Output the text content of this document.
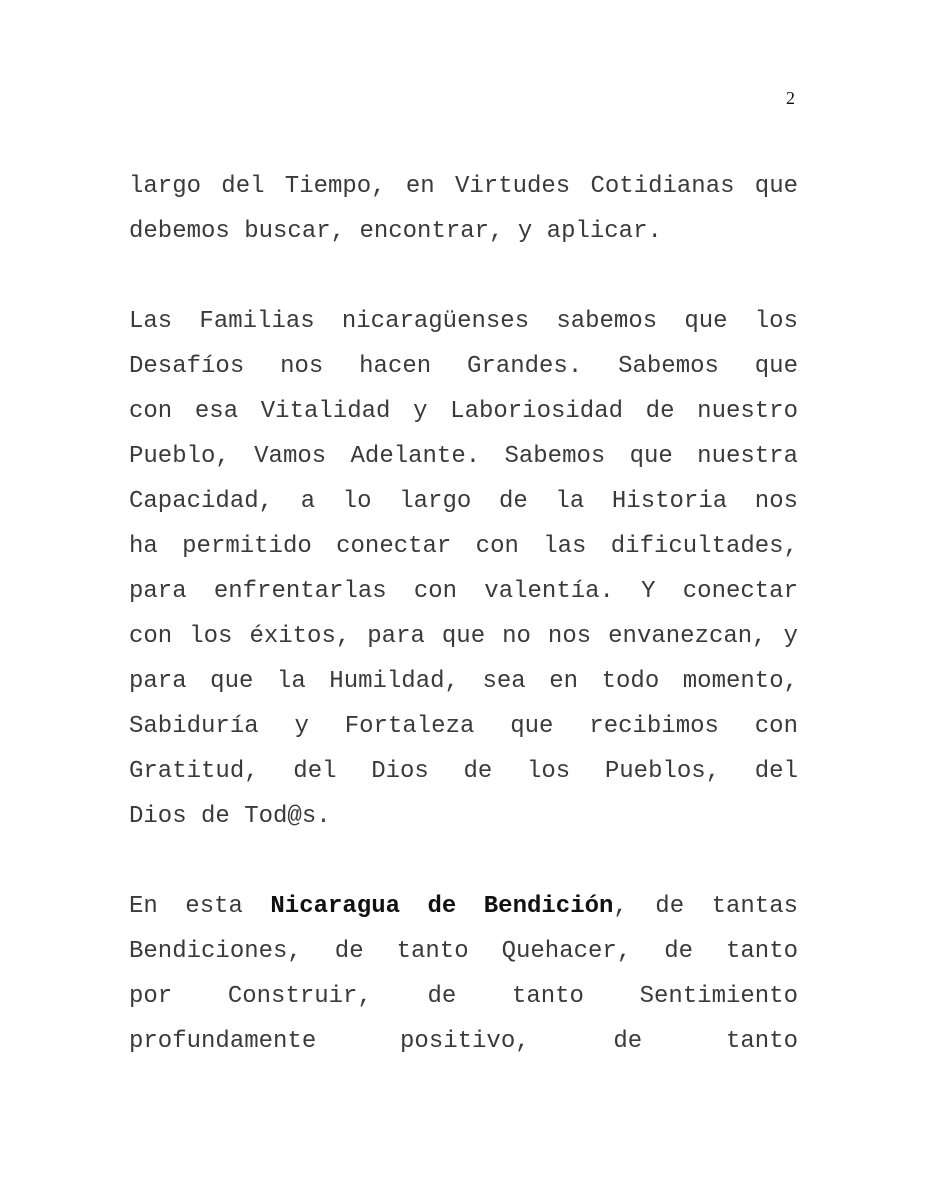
2
largo del Tiempo, en Virtudes Cotidianas que
debemos buscar, encontrar, y aplicar.
Las Familias nicaragüenses sabemos que los
Desafíos nos hacen Grandes. Sabemos que
con esa Vitalidad y Laboriosidad de nuestro
Pueblo, Vamos Adelante. Sabemos que nuestra
Capacidad, a lo largo de la Historia nos
ha permitido conectar con las dificultades,
para enfrentarlas con valentía. Y conectar
con los éxitos, para que no nos envanezcan, y
para que la Humildad, sea en todo momento,
Sabiduría y Fortaleza que recibimos con
Gratitud, del Dios de los Pueblos, del
Dios de Tod@s.
En esta Nicaragua de Bendición, de tantas
Bendiciones, de tanto Quehacer, de tanto
por Construir, de tanto Sentimiento
profundamente positivo, de tanto
